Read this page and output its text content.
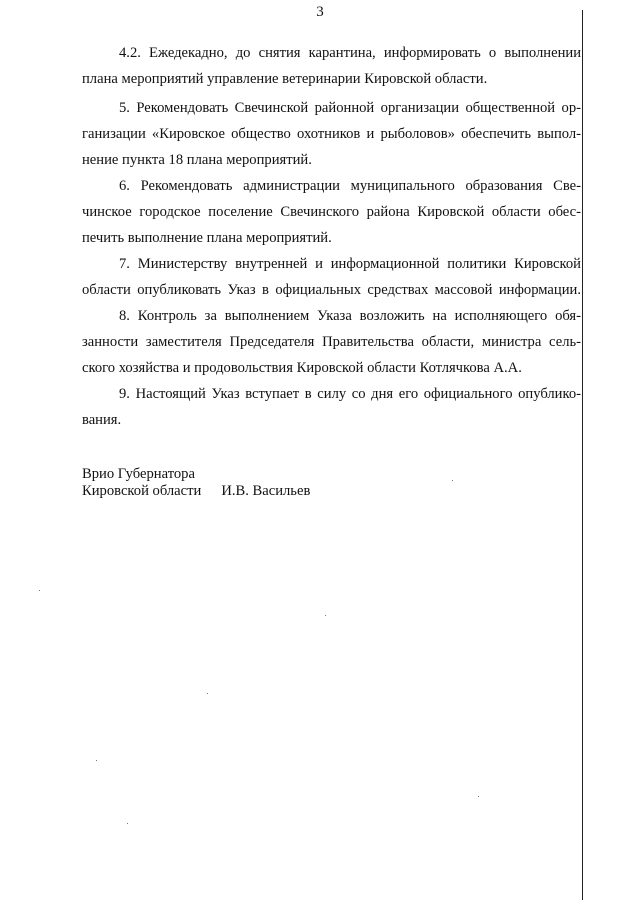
3
4.2. Ежедекадно, до снятия карантина, информировать о выполнении
плана мероприятий управление ветеринарии Кировской области.
5. Рекомендовать Свечинской районной организации общественной ор-
ганизации «Кировское общество охотников и рыболовов» обеспечить выпол-
нение пункта 18 плана мероприятий.
6. Рекомендовать администрации муниципального образования Све-
чинское городское поселение Свечинского района Кировской области обес-
печить выполнение плана мероприятий.
7. Министерству внутренней и информационной политики Кировской
области опубликовать Указ в официальных средствах массовой информации.
8. Контроль за выполнением Указа возложить на исполняющего обя-
занности заместителя Председателя Правительства области, министра сель-
ского хозяйства и продовольствия Кировской области Котлячкова А.А.
9. Настоящий Указ вступает в силу со дня его официального опублико-
вания.
Врио Губернатора
Кировской области И.В. Васильев
